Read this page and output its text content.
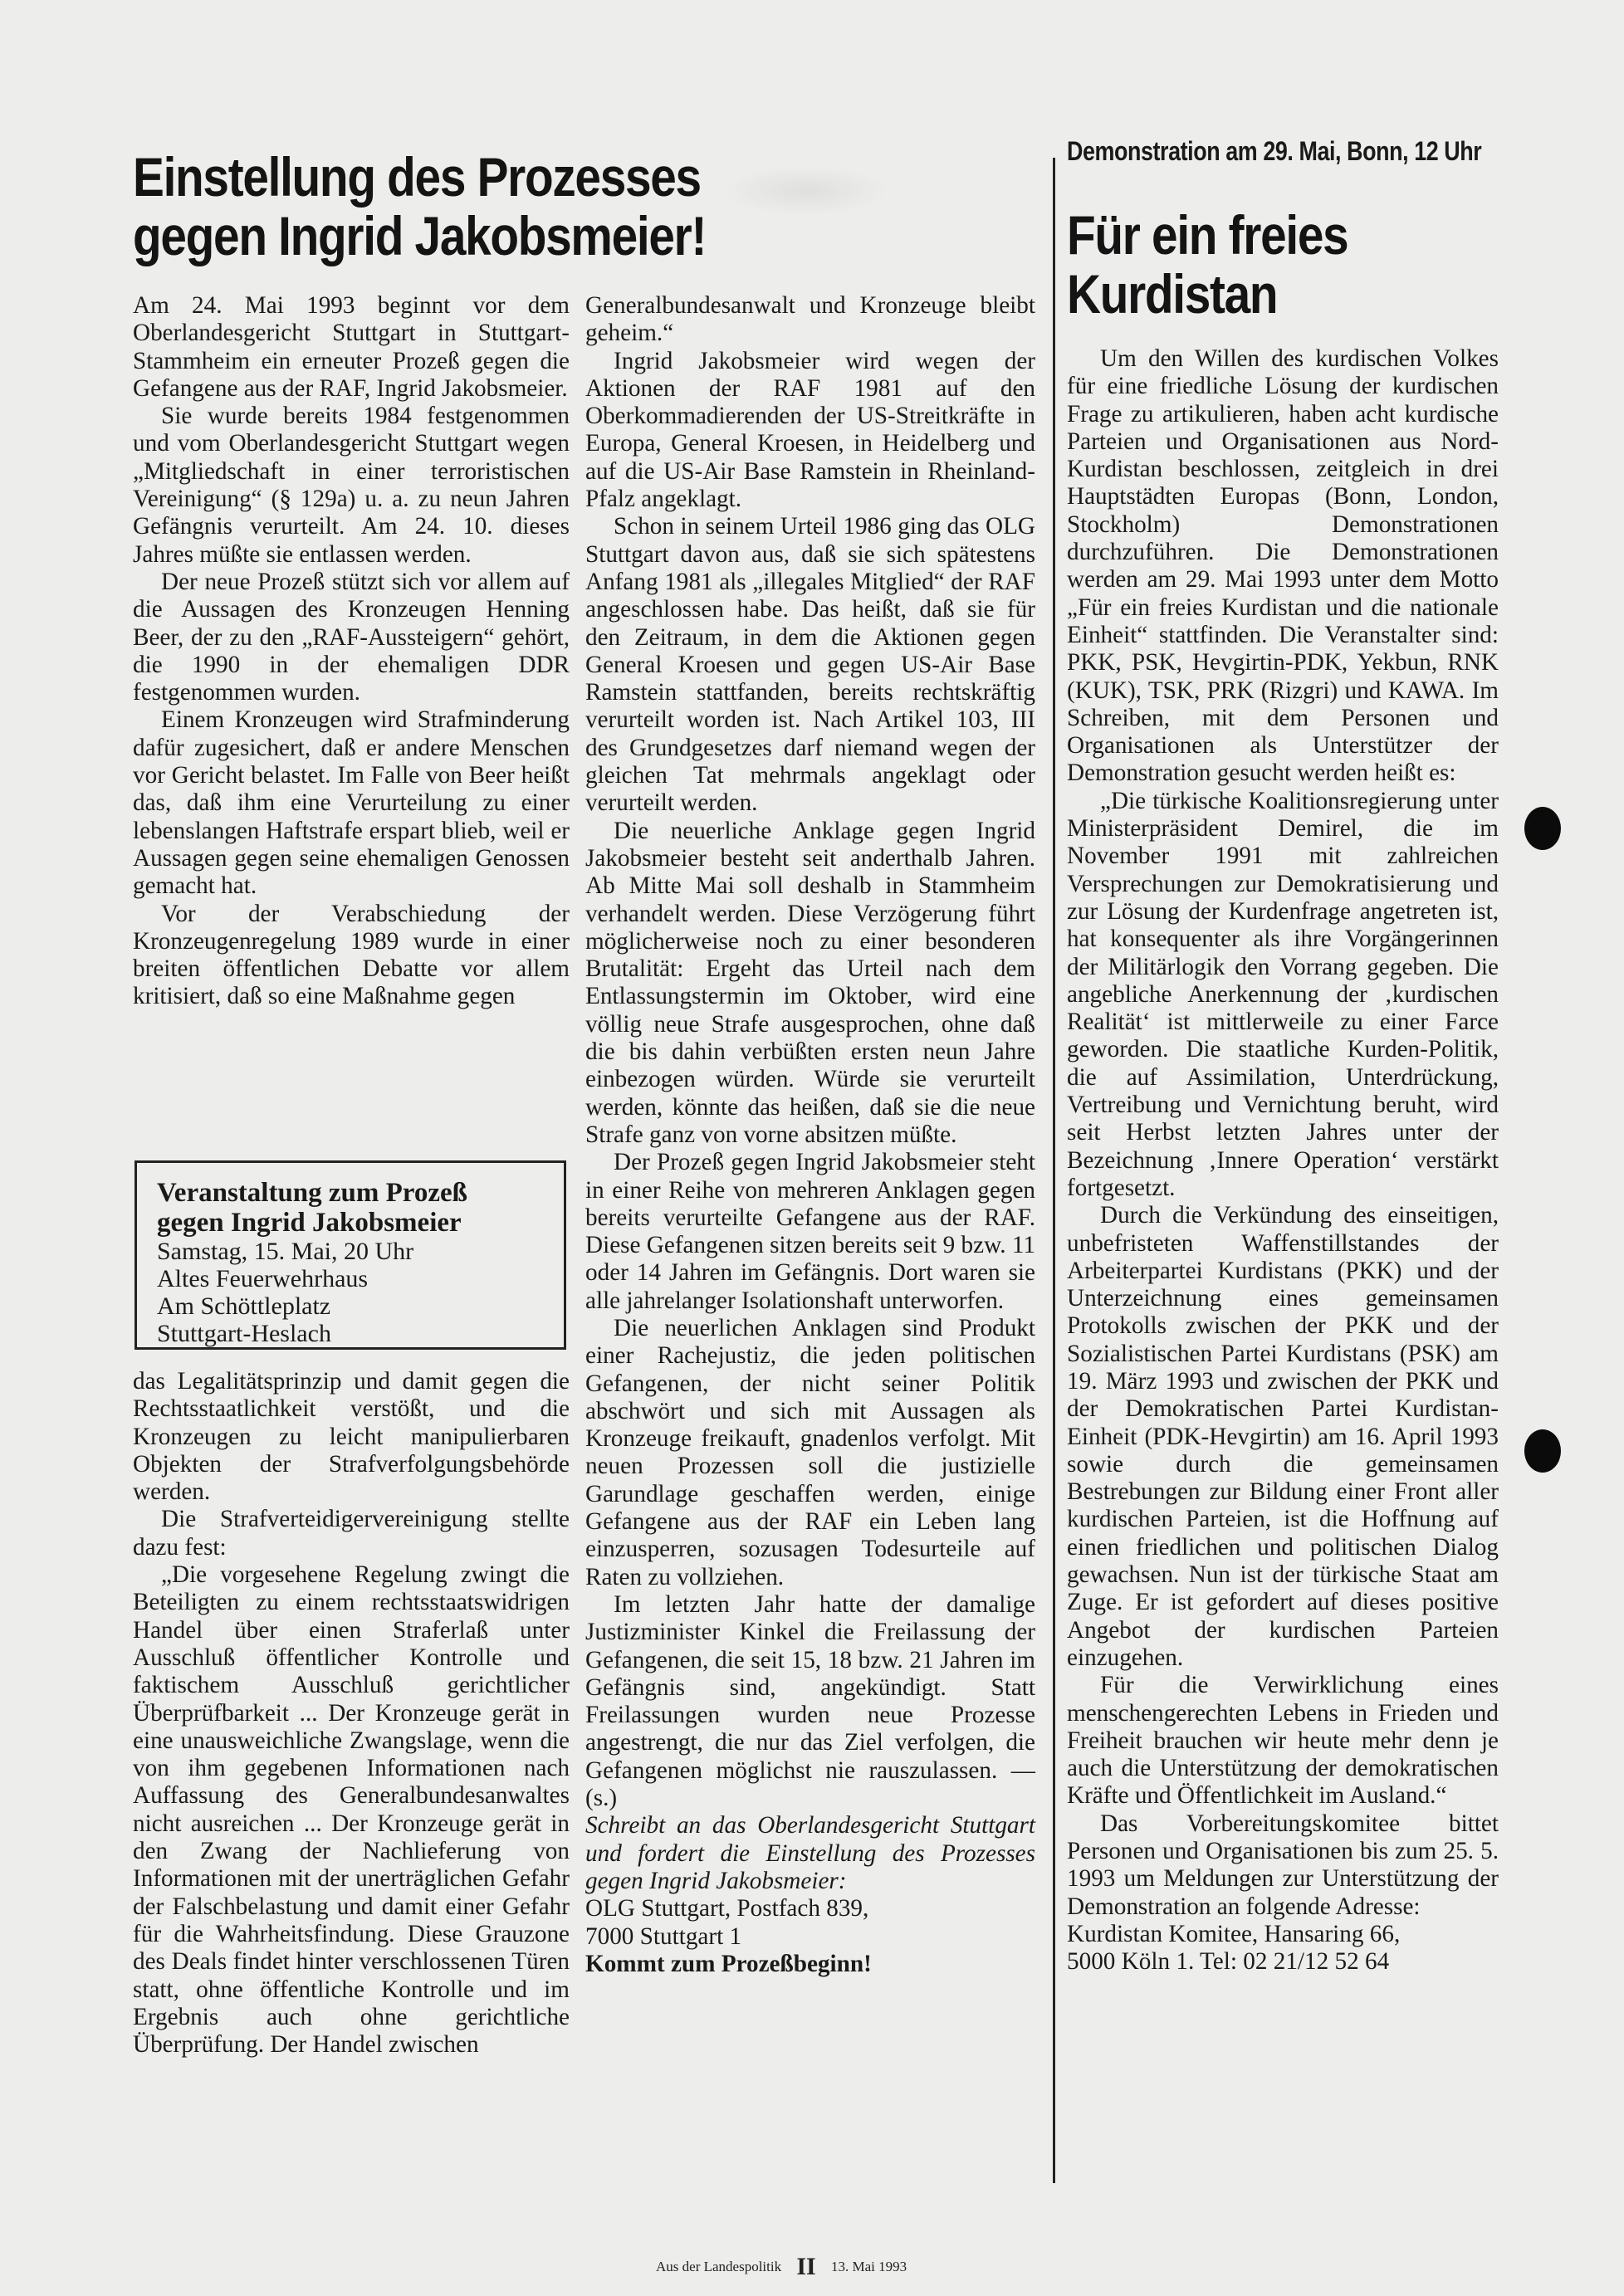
Einstellung des Prozesses
gegen Ingrid Jakobsmeier!

Am 24. Mai 1993 beginnt vor dem Oberlandesgericht Stuttgart in Stuttgart-Stammheim ein erneuter Prozeß gegen die Gefangene aus der RAF, Ingrid Jakobsmeier.

Sie wurde bereits 1984 festgenommen und vom Oberlandesgericht Stuttgart wegen „Mitgliedschaft in einer terroristischen Vereinigung“ (§ 129a) u. a. zu neun Jahren Gefängnis verurteilt. Am 24. 10. dieses Jahres müßte sie entlassen werden.

Der neue Prozeß stützt sich vor allem auf die Aussagen des Kronzeugen Henning Beer, der zu den „RAF-Aussteigern“ gehört, die 1990 in der ehemaligen DDR festgenommen wurden.

Einem Kronzeugen wird Strafminderung dafür zugesichert, daß er andere Menschen vor Gericht belastet. Im Falle von Beer heißt das, daß ihm eine Verurteilung zu einer lebenslangen Haftstrafe erspart blieb, weil er Aussagen gegen seine ehemaligen Genossen gemacht hat.

Vor der Verabschiedung der Kronzeugenregelung 1989 wurde in einer breiten öffentlichen Debatte vor allem kritisiert, daß so eine Maßnahme gegen

Veranstaltung zum Prozeß
gegen Ingrid Jakobsmeier
Samstag, 15. Mai, 20 Uhr
Altes Feuerwehrhaus
Am Schöttleplatz
Stuttgart-Heslach

das Legalitätsprinzip und damit gegen die Rechtsstaatlichkeit verstößt, und die Kronzeugen zu leicht manipulierbaren Objekten der Strafverfolgungsbehörde werden.

Die Strafverteidigervereinigung stellte dazu fest:

„Die vorgesehene Regelung zwingt die Beteiligten zu einem rechtsstaatswidrigen Handel über einen Straferlaß unter Ausschluß öffentlicher Kontrolle und faktischem Ausschluß gerichtlicher Überprüfbarkeit ... Der Kronzeuge gerät in eine unausweichliche Zwangslage, wenn die von ihm gegebenen Informationen nach Auffassung des Generalbundesanwaltes nicht ausreichen ... Der Kronzeuge gerät in den Zwang der Nachlieferung von Informationen mit der unerträglichen Gefahr der Falschbelastung und damit einer Gefahr für die Wahrheitsfindung. Diese Grauzone des Deals findet hinter verschlossenen Türen statt, ohne öffentliche Kontrolle und im Ergebnis auch ohne gerichtliche Überprüfung. Der Handel zwischen

Generalbundesanwalt und Kronzeuge bleibt geheim.“

Ingrid Jakobsmeier wird wegen der Aktionen der RAF 1981 auf den Oberkommadierenden der US-Streitkräfte in Europa, General Kroesen, in Heidelberg und auf die US-Air Base Ramstein in Rheinland-Pfalz angeklagt.

Schon in seinem Urteil 1986 ging das OLG Stuttgart davon aus, daß sie sich spätestens Anfang 1981 als „illegales Mitglied“ der RAF angeschlossen habe. Das heißt, daß sie für den Zeitraum, in dem die Aktionen gegen General Kroesen und gegen US-Air Base Ramstein stattfanden, bereits rechtskräftig verurteilt worden ist. Nach Artikel 103, III des Grundgesetzes darf niemand wegen der gleichen Tat mehrmals angeklagt oder verurteilt werden.

Die neuerliche Anklage gegen Ingrid Jakobsmeier besteht seit anderthalb Jahren. Ab Mitte Mai soll deshalb in Stammheim verhandelt werden. Diese Verzögerung führt möglicherweise noch zu einer besonderen Brutalität: Ergeht das Urteil nach dem Entlassungstermin im Oktober, wird eine völlig neue Strafe ausgesprochen, ohne daß die bis dahin verbüßten ersten neun Jahre einbezogen würden. Würde sie verurteilt werden, könnte das heißen, daß sie die neue Strafe ganz von vorne absitzen müßte.

Der Prozeß gegen Ingrid Jakobsmeier steht in einer Reihe von mehreren Anklagen gegen bereits verurteilte Gefangene aus der RAF. Diese Gefangenen sitzen bereits seit 9 bzw. 11 oder 14 Jahren im Gefängnis. Dort waren sie alle jahrelanger Isolationshaft unterworfen.

Die neuerlichen Anklagen sind Produkt einer Rachejustiz, die jeden politischen Gefangenen, der nicht seiner Politik abschwört und sich mit Aussagen als Kronzeuge freikauft, gnadenlos verfolgt. Mit neuen Prozessen soll die justizielle Garundlage geschaffen werden, einige Gefangene aus der RAF ein Leben lang einzusperren, sozusagen Todesurteile auf Raten zu vollziehen.

Im letzten Jahr hatte der damalige Justizminister Kinkel die Freilassung der Gefangenen, die seit 15, 18 bzw. 21 Jahren im Gefängnis sind, angekündigt. Statt Freilassungen wurden neue Prozesse angestrengt, die nur das Ziel verfolgen, die Gefangenen möglichst nie rauszulassen. — (s.)

Schreibt an das Oberlandesgericht Stuttgart und fordert die Einstellung des Prozesses gegen Ingrid Jakobsmeier:

OLG Stuttgart, Postfach 839,

7000 Stuttgart 1

Kommt zum Prozeßbeginn!

Demonstration am 29. Mai, Bonn, 12 Uhr
Für ein freies
Kurdistan

Um den Willen des kurdischen Volkes für eine friedliche Lösung der kurdischen Frage zu artikulieren, haben acht kurdische Parteien und Organisationen aus Nord-Kurdistan beschlossen, zeitgleich in drei Hauptstädten Europas (Bonn, London, Stockholm) Demonstrationen durchzuführen. Die Demonstrationen werden am 29. Mai 1993 unter dem Motto „Für ein freies Kurdistan und die nationale Einheit“ stattfinden. Die Veranstalter sind: PKK, PSK, Hevgirtin-PDK, Yekbun, RNK (KUK), TSK, PRK (Rizgri) und KAWA. Im Schreiben, mit dem Personen und Organisationen als Unterstützer der Demonstration gesucht werden heißt es:

„Die türkische Koalitionsregierung unter Ministerpräsident Demirel, die im November 1991 mit zahlreichen Versprechungen zur Demokratisierung und zur Lösung der Kurdenfrage angetreten ist, hat konsequenter als ihre Vorgängerinnen der Militärlogik den Vorrang gegeben. Die angebliche Anerkennung der ‚kurdischen Realität‘ ist mittlerweile zu einer Farce geworden. Die staatliche Kurden-Politik, die auf Assimilation, Unterdrückung, Vertreibung und Vernichtung beruht, wird seit Herbst letzten Jahres unter der Bezeichnung ‚Innere Operation‘ verstärkt fortgesetzt.

Durch die Verkündung des einseitigen, unbefristeten Waffenstillstandes der Arbeiterpartei Kurdistans (PKK) und der Unterzeichnung eines gemeinsamen Protokolls zwischen der PKK und der Sozialistischen Partei Kurdistans (PSK) am 19. März 1993 und zwischen der PKK und der Demokratischen Partei Kurdistan-Einheit (PDK-Hevgirtin) am 16. April 1993 sowie durch die gemeinsamen Bestrebungen zur Bildung einer Front aller kurdischen Parteien, ist die Hoffnung auf einen friedlichen und politischen Dialog gewachsen. Nun ist der türkische Staat am Zuge. Er ist gefordert auf dieses positive Angebot der kurdischen Parteien einzugehen.

Für die Verwirklichung eines menschengerechten Lebens in Frieden und Freiheit brauchen wir heute mehr denn je auch die Unterstützung der demokratischen Kräfte und Öffentlichkeit im Ausland.“

Das Vorbereitungskomitee bittet Personen und Organisationen bis zum 25. 5. 1993 um Meldungen zur Unterstützung der Demonstration an folgende Adresse:

Kurdistan Komitee, Hansaring 66,

5000 Köln 1. Tel: 02 21/12 52 64

Aus der Landespolitik II 13. Mai 1993
